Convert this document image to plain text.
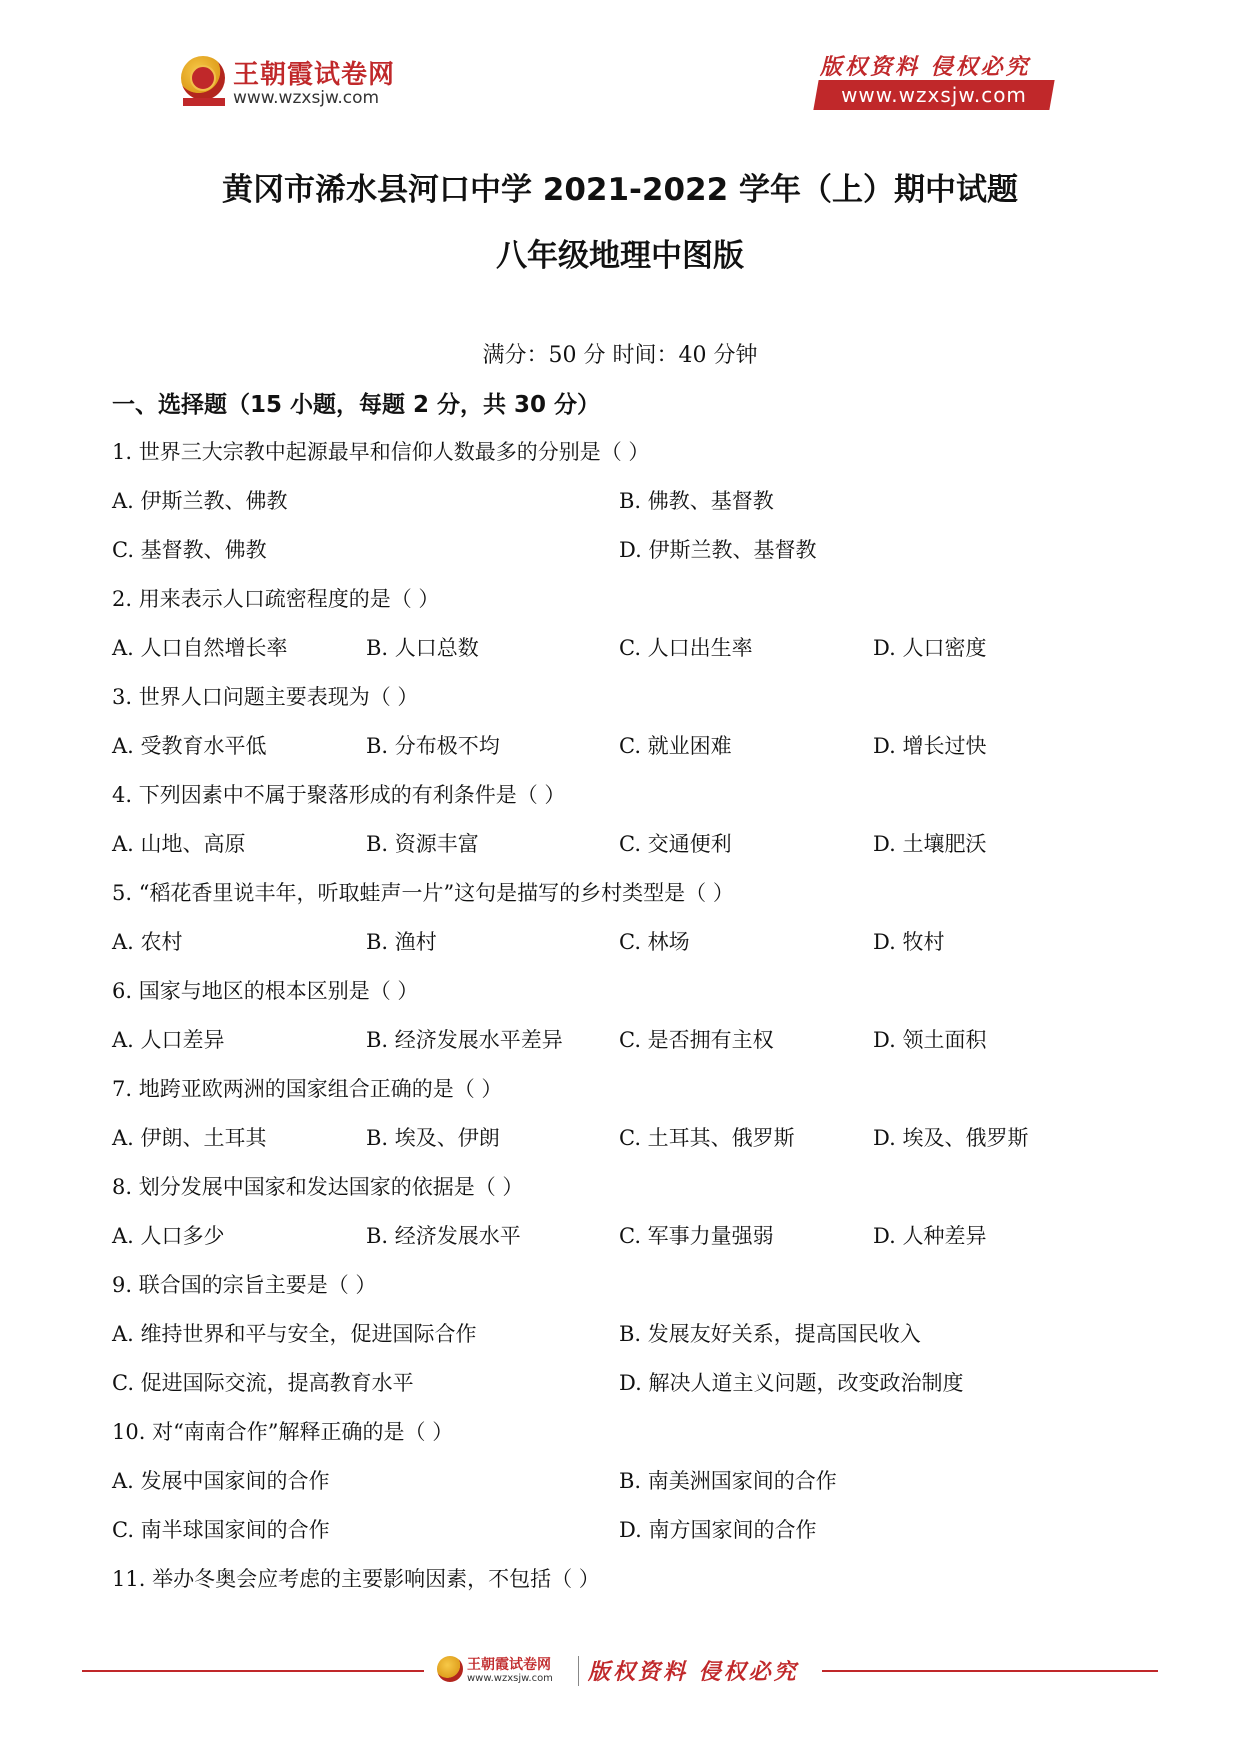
王朝霞试卷网
www.wzxsjw.com
版权资料 侵权必究
www.wzxsjw.com
黄冈市浠水县河口中学 2021-2022 学年（上）期中试题
八年级地理中图版
满分：50 分 时间：40 分钟
一、选择题（15 小题，每题 2 分，共 30 分）
1. 世界三大宗教中起源最早和信仰人数最多的分别是（ ）
A. 伊斯兰教、佛教	B. 佛教、基督教
C. 基督教、佛教	D. 伊斯兰教、基督教
2. 用来表示人口疏密程度的是（ ）
A. 人口自然增长率	B. 人口总数	C. 人口出生率	D. 人口密度
3. 世界人口问题主要表现为（ ）
A. 受教育水平低	B. 分布极不均	C. 就业困难	D. 增长过快
4. 下列因素中不属于聚落形成的有利条件是（ ）
A. 山地、高原	B. 资源丰富	C. 交通便利	D. 土壤肥沃
5. “稻花香里说丰年，听取蛙声一片”这句是描写的乡村类型是（ ）
A. 农村	B. 渔村	C. 林场	D. 牧村
6. 国家与地区的根本区别是（ ）
A. 人口差异	B. 经济发展水平差异	C. 是否拥有主权	D. 领土面积
7. 地跨亚欧两洲的国家组合正确的是（ ）
A. 伊朗、土耳其	B. 埃及、伊朗	C. 土耳其、俄罗斯	D. 埃及、俄罗斯
8. 划分发展中国家和发达国家的依据是（ ）
A. 人口多少	B. 经济发展水平	C. 军事力量强弱	D. 人种差异
9. 联合国的宗旨主要是（ ）
A. 维持世界和平与安全，促进国际合作	B. 发展友好关系，提高国民收入
C. 促进国际交流，提高教育水平	D. 解决人道主义问题，改变政治制度
10. 对“南南合作”解释正确的是（ ）
A. 发展中国家间的合作	B. 南美洲国家间的合作
C. 南半球国家间的合作	D. 南方国家间的合作
11. 举办冬奥会应考虑的主要影响因素，不包括（ ）
王朝霞试卷网
www.wzxsjw.com 版权资料 侵权必究
